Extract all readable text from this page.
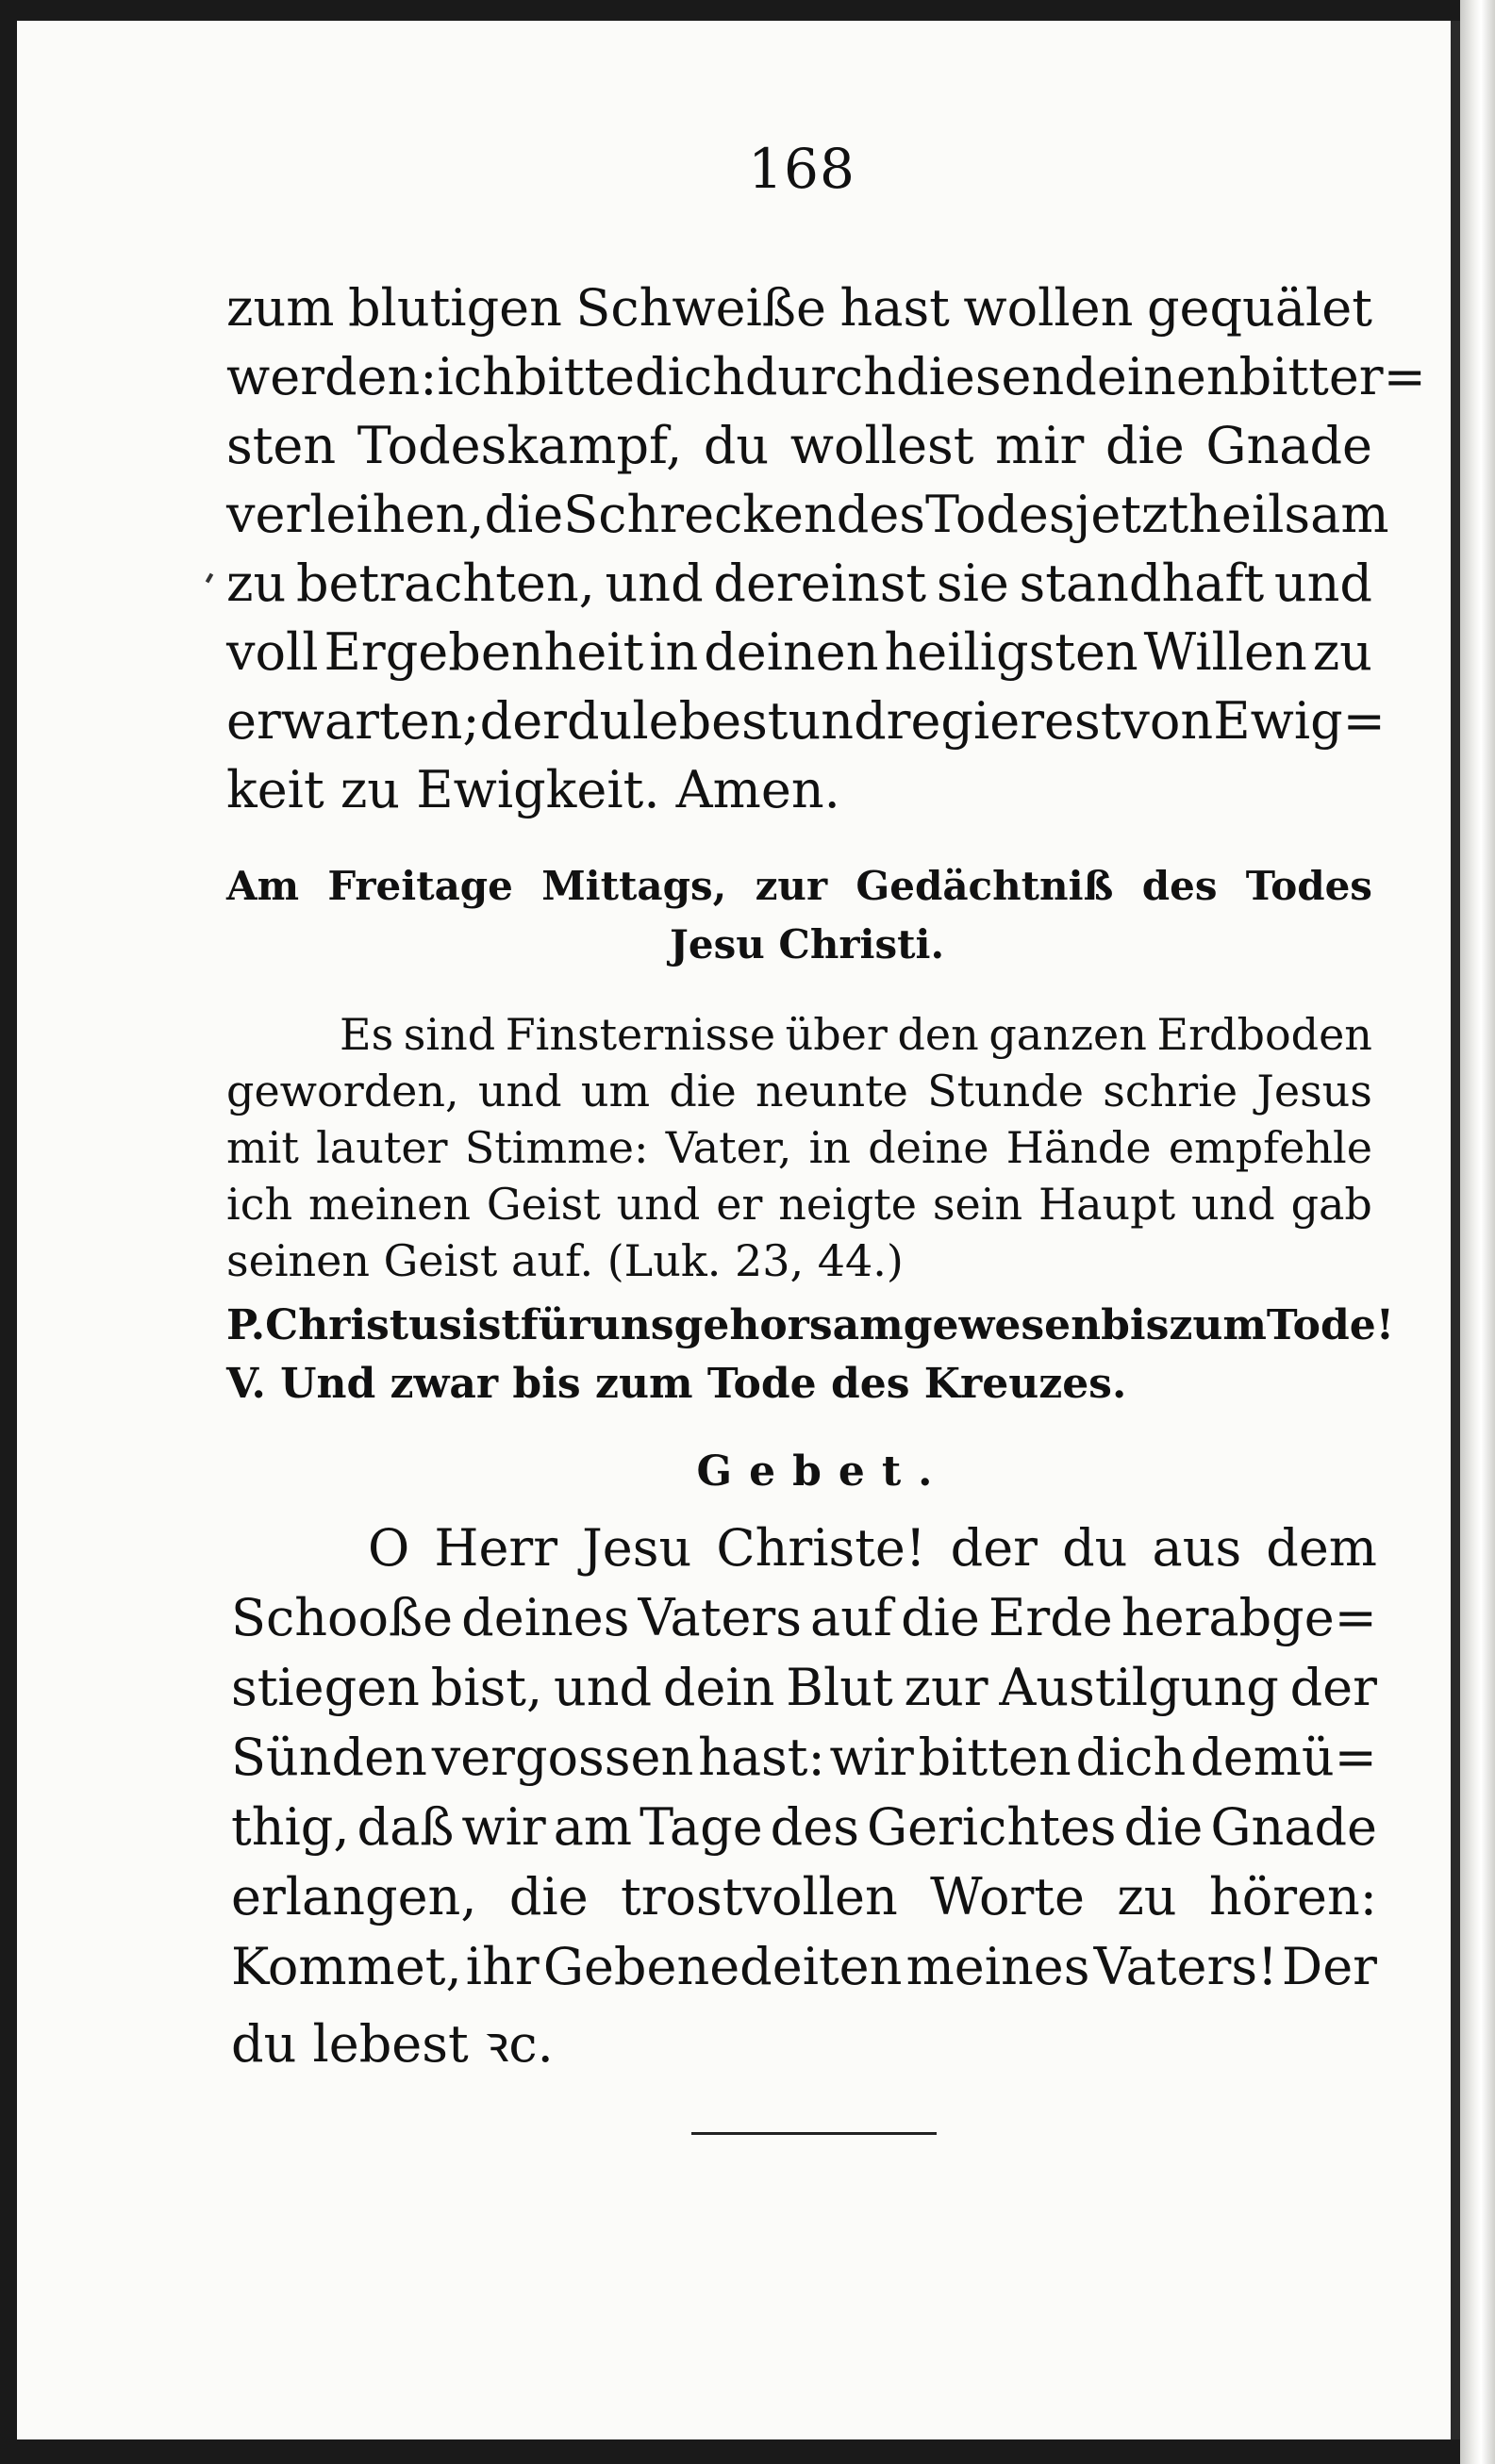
168
zum blutigen Schweiße hast wollen gequälet
werden: ich bitte dich durch diesen deinen bitter=
sten Todeskampf, du wollest mir die Gnade
verleihen, die Schrecken des Todes jetzt heilsam
zu betrachten, und dereinst sie standhaft und
voll Ergebenheit in deinen heiligsten Willen zu
erwarten; der du lebest und regierest von Ewig=
keit zu Ewigkeit. Amen.
Am Freitage Mittags, zur Gedächtniß des Todes
Jesu Christi.
Es sind Finsternisse über den ganzen Erdboden
geworden, und um die neunte Stunde schrie Jesus
mit lauter Stimme: Vater, in deine Hände empfehle
ich meinen Geist und er neigte sein Haupt und gab
seinen Geist auf. (Luk. 23, 44.)
P. Christus ist für uns gehorsam gewesen bis zum Tode!
V. Und zwar bis zum Tode des Kreuzes.
Gebet.
O Herr Jesu Christe! der du aus dem
Schooße deines Vaters auf die Erde herabge=
stiegen bist, und dein Blut zur Austilgung der
Sünden vergossen hast: wir bitten dich demü=
thig, daß wir am Tage des Gerichtes die Gnade
erlangen, die trostvollen Worte zu hören:
Kommet, ihr Gebenedeiten meines Vaters! Der
du lebest ꝛc.
